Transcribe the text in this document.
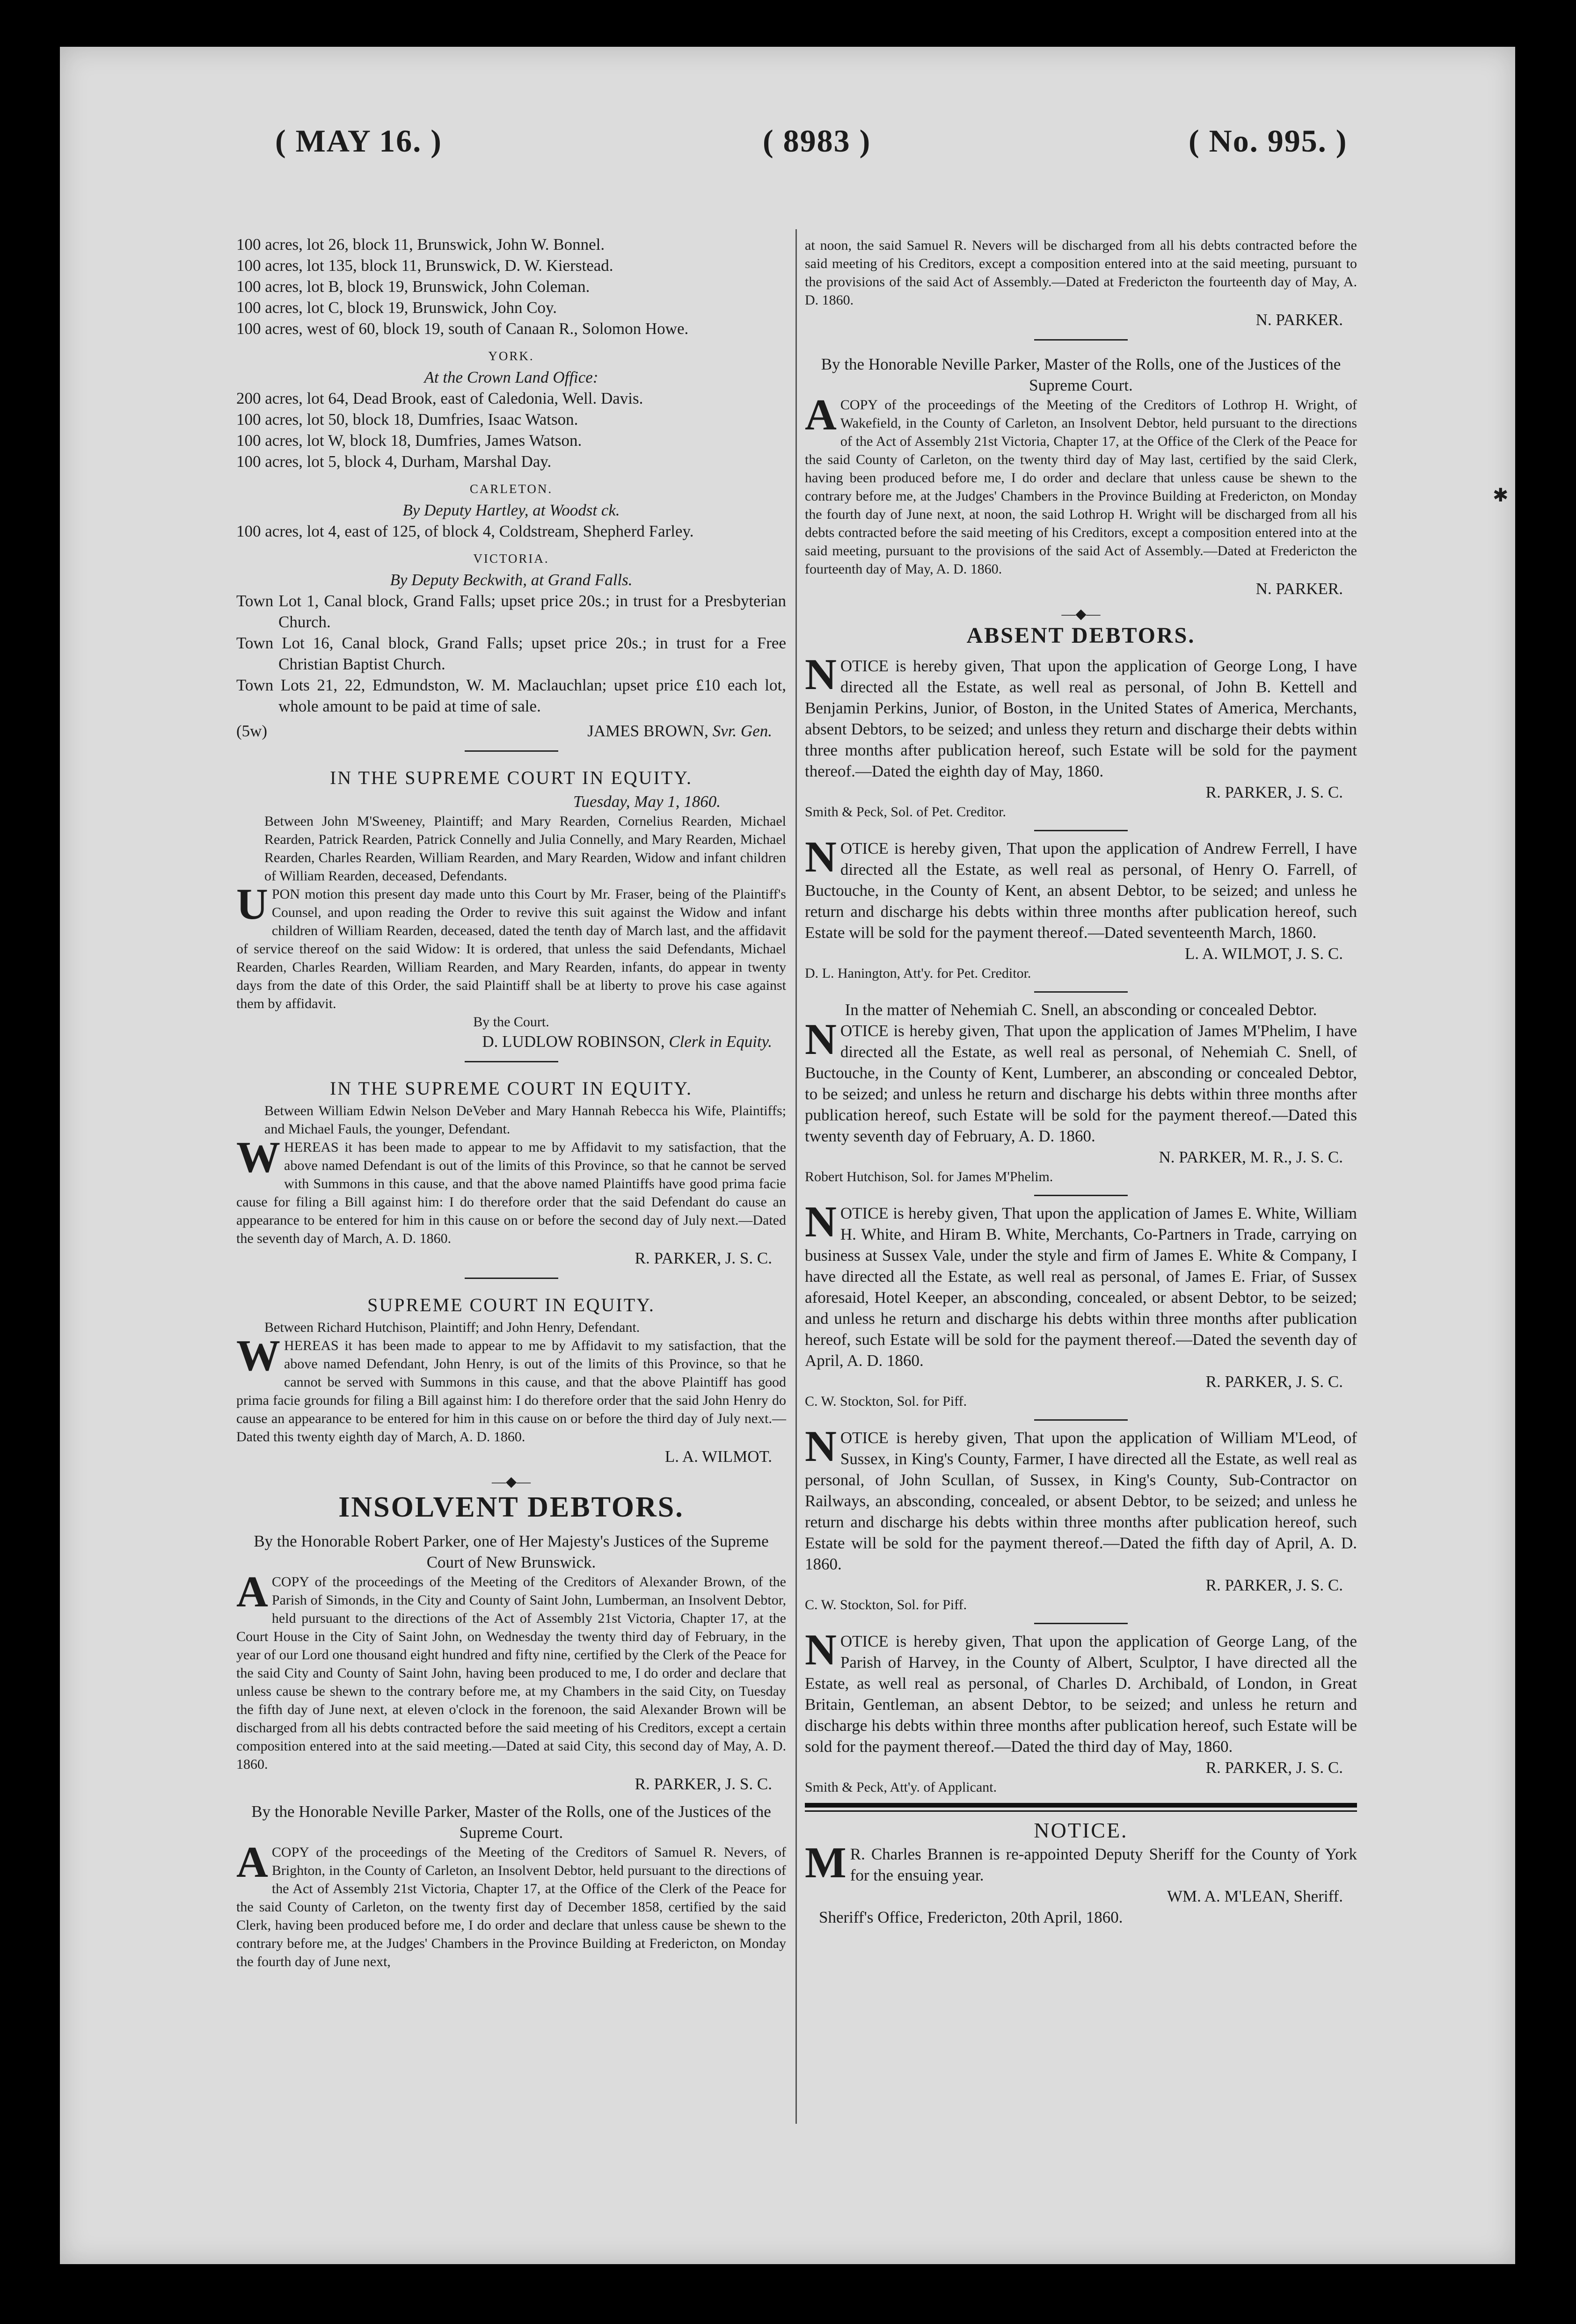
( MAY 16. )	( 8983 )	( No. 995. )
✱

100 acres, lot 26, block 11, Brunswick, John W. Bonnel.

100 acres, lot 135, block 11, Brunswick, D. W. Kierstead.

100 acres, lot B, block 19, Brunswick, John Coleman.

100 acres, lot C, block 19, Brunswick, John Coy.

100 acres, west of 60, block 19, south of Canaan R., Solomon Howe.

YORK.

At the Crown Land Office:

200 acres, lot 64, Dead Brook, east of Caledonia, Well. Davis.

100 acres, lot 50, block 18, Dumfries, Isaac Watson.

100 acres, lot W, block 18, Dumfries, James Watson.

100 acres, lot 5, block 4, Durham, Marshal Day.

CARLETON.

By Deputy Hartley, at Woodst ck.

100 acres, lot 4, east of 125, of block 4, Coldstream, Shepherd Farley.

VICTORIA.

By Deputy Beckwith, at Grand Falls.

Town Lot 1, Canal block, Grand Falls; upset price 20s.; in trust for a Presbyterian Church.

Town Lot 16, Canal block, Grand Falls; upset price 20s.; in trust for a Free Christian Baptist Church.

Town Lots 21, 22, Edmundston, W. M. Maclauchlan; upset price £10 each lot, whole amount to be paid at time of sale.

(5w)	JAMES BROWN, Svr. Gen.

IN THE SUPREME COURT IN EQUITY.

Tuesday, May 1, 1860.

Between John M'Sweeney, Plaintiff; and Mary Rearden, Cornelius Rearden, Michael Rearden, Patrick Rearden, Patrick Connelly and Julia Connelly, and Mary Rearden, Michael Rearden, Charles Rearden, William Rearden, and Mary Rearden, Widow and infant children of William Rearden, deceased, Defendants.

UPON motion this present day made unto this Court by Mr. Fraser, being of the Plaintiff's Counsel, and upon reading the Order to revive this suit against the Widow and infant children of William Rearden, deceased, dated the tenth day of March last, and the affidavit of service thereof on the said Widow: It is ordered, that unless the said Defendants, Michael Rearden, Charles Rearden, William Rearden, and Mary Rearden, infants, do appear in twenty days from the date of this Order, the said Plaintiff shall be at liberty to prove his case against them by affidavit.

By the Court.

D. LUDLOW ROBINSON, Clerk in Equity.

IN THE SUPREME COURT IN EQUITY.

Between William Edwin Nelson DeVeber and Mary Hannah Rebecca his Wife, Plaintiffs; and Michael Fauls, the younger, Defendant.

WHEREAS it has been made to appear to me by Affidavit to my satisfaction, that the above named Defendant is out of the limits of this Province, so that he cannot be served with Summons in this cause, and that the above named Plaintiffs have good prima facie cause for filing a Bill against him: I do therefore order that the said Defendant do cause an appearance to be entered for him in this cause on or before the second day of July next.—Dated the seventh day of March, A. D. 1860.

R. PARKER, J. S. C.

SUPREME COURT IN EQUITY.

Between Richard Hutchison, Plaintiff; and John Henry, Defendant.

WHEREAS it has been made to appear to me by Affidavit to my satisfaction, that the above named Defendant, John Henry, is out of the limits of this Province, so that he cannot be served with Summons in this cause, and that the above Plaintiff has good prima facie grounds for filing a Bill against him: I do therefore order that the said John Henry do cause an appearance to be entered for him in this cause on or before the third day of July next.—Dated this twenty eighth day of March, A. D. 1860.

L. A. WILMOT.

—◆—

INSOLVENT DEBTORS.

By the Honorable Robert Parker, one of Her Majesty's Justices of the Supreme Court of New Brunswick.

ACOPY of the proceedings of the Meeting of the Creditors of Alexander Brown, of the Parish of Simonds, in the City and County of Saint John, Lumberman, an Insolvent Debtor, held pursuant to the directions of the Act of Assembly 21st Victoria, Chapter 17, at the Court House in the City of Saint John, on Wednesday the twenty third day of February, in the year of our Lord one thousand eight hundred and fifty nine, certified by the Clerk of the Peace for the said City and County of Saint John, having been produced to me, I do order and declare that unless cause be shewn to the contrary before me, at my Chambers in the said City, on Tuesday the fifth day of June next, at eleven o'clock in the forenoon, the said Alexander Brown will be discharged from all his debts contracted before the said meeting of his Creditors, except a certain composition entered into at the said meeting.—Dated at said City, this second day of May, A. D. 1860.

R. PARKER, J. S. C.

By the Honorable Neville Parker, Master of the Rolls, one of the Justices of the Supreme Court.

ACOPY of the proceedings of the Meeting of the Creditors of Samuel R. Nevers, of Brighton, in the County of Carleton, an Insolvent Debtor, held pursuant to the directions of the Act of Assembly 21st Victoria, Chapter 17, at the Office of the Clerk of the Peace for the said County of Carleton, on the twenty first day of December 1858, certified by the said Clerk, having been produced before me, I do order and declare that unless cause be shewn to the contrary before me, at the Judges' Chambers in the Province Building at Fredericton, on Monday the fourth day of June next,

at noon, the said Samuel R. Nevers will be discharged from all his debts contracted before the said meeting of his Creditors, except a composition entered into at the said meeting, pursuant to the provisions of the said Act of Assembly.—Dated at Fredericton the fourteenth day of May, A. D. 1860.

N. PARKER.

By the Honorable Neville Parker, Master of the Rolls, one of the Justices of the Supreme Court.

ACOPY of the proceedings of the Meeting of the Creditors of Lothrop H. Wright, of Wakefield, in the County of Carleton, an Insolvent Debtor, held pursuant to the directions of the Act of Assembly 21st Victoria, Chapter 17, at the Office of the Clerk of the Peace for the said County of Carleton, on the twenty third day of May last, certified by the said Clerk, having been produced before me, I do order and declare that unless cause be shewn to the contrary before me, at the Judges' Chambers in the Province Building at Fredericton, on Monday the fourth day of June next, at noon, the said Lothrop H. Wright will be discharged from all his debts contracted before the said meeting of his Creditors, except a composition entered into at the said meeting, pursuant to the provisions of the said Act of Assembly.—Dated at Fredericton the fourteenth day of May, A. D. 1860.

N. PARKER.

—◆—

ABSENT DEBTORS.

NOTICE is hereby given, That upon the application of George Long, I have directed all the Estate, as well real as personal, of John B. Kettell and Benjamin Perkins, Junior, of Boston, in the United States of America, Merchants, absent Debtors, to be seized; and unless they return and discharge their debts within three months after publication hereof, such Estate will be sold for the payment thereof.—Dated the eighth day of May, 1860.

R. PARKER, J. S. C.

Smith & Peck, Sol. of Pet. Creditor.

NOTICE is hereby given, That upon the application of Andrew Ferrell, I have directed all the Estate, as well real as personal, of Henry O. Farrell, of Buctouche, in the County of Kent, an absent Debtor, to be seized; and unless he return and discharge his debts within three months after publication hereof, such Estate will be sold for the payment thereof.—Dated seventeenth March, 1860.

L. A. WILMOT, J. S. C.

D. L. Hanington, Att'y. for Pet. Creditor.

In the matter of Nehemiah C. Snell, an absconding or concealed Debtor.

NOTICE is hereby given, That upon the application of James M'Phelim, I have directed all the Estate, as well real as personal, of Nehemiah C. Snell, of Buctouche, in the County of Kent, Lumberer, an absconding or concealed Debtor, to be seized; and unless he return and discharge his debts within three months after publication hereof, such Estate will be sold for the payment thereof.—Dated this twenty seventh day of February, A. D. 1860.

N. PARKER, M. R., J. S. C.

Robert Hutchison, Sol. for James M'Phelim.

NOTICE is hereby given, That upon the application of James E. White, William H. White, and Hiram B. White, Merchants, Co-Partners in Trade, carrying on business at Sussex Vale, under the style and firm of James E. White & Company, I have directed all the Estate, as well real as personal, of James E. Friar, of Sussex aforesaid, Hotel Keeper, an absconding, concealed, or absent Debtor, to be seized; and unless he return and discharge his debts within three months after publication hereof, such Estate will be sold for the payment thereof.—Dated the seventh day of April, A. D. 1860.

R. PARKER, J. S. C.

C. W. Stockton, Sol. for Piff.

NOTICE is hereby given, That upon the application of William M'Leod, of Sussex, in King's County, Farmer, I have directed all the Estate, as well real as personal, of John Scullan, of Sussex, in King's County, Sub-Contractor on Railways, an absconding, concealed, or absent Debtor, to be seized; and unless he return and discharge his debts within three months after publication hereof, such Estate will be sold for the payment thereof.—Dated the fifth day of April, A. D. 1860.

R. PARKER, J. S. C.

C. W. Stockton, Sol. for Piff.

NOTICE is hereby given, That upon the application of George Lang, of the Parish of Harvey, in the County of Albert, Sculptor, I have directed all the Estate, as well real as personal, of Charles D. Archibald, of London, in Great Britain, Gentleman, an absent Debtor, to be seized; and unless he return and discharge his debts within three months after publication hereof, such Estate will be sold for the payment thereof.—Dated the third day of May, 1860.

R. PARKER, J. S. C.

Smith & Peck, Att'y. of Applicant.

NOTICE.

M R. Charles Brannen is re-appointed Deputy Sheriff for the County of York for the ensuing year.

WM. A. M'LEAN, Sheriff.

Sheriff's Office, Fredericton, 20th April, 1860.
